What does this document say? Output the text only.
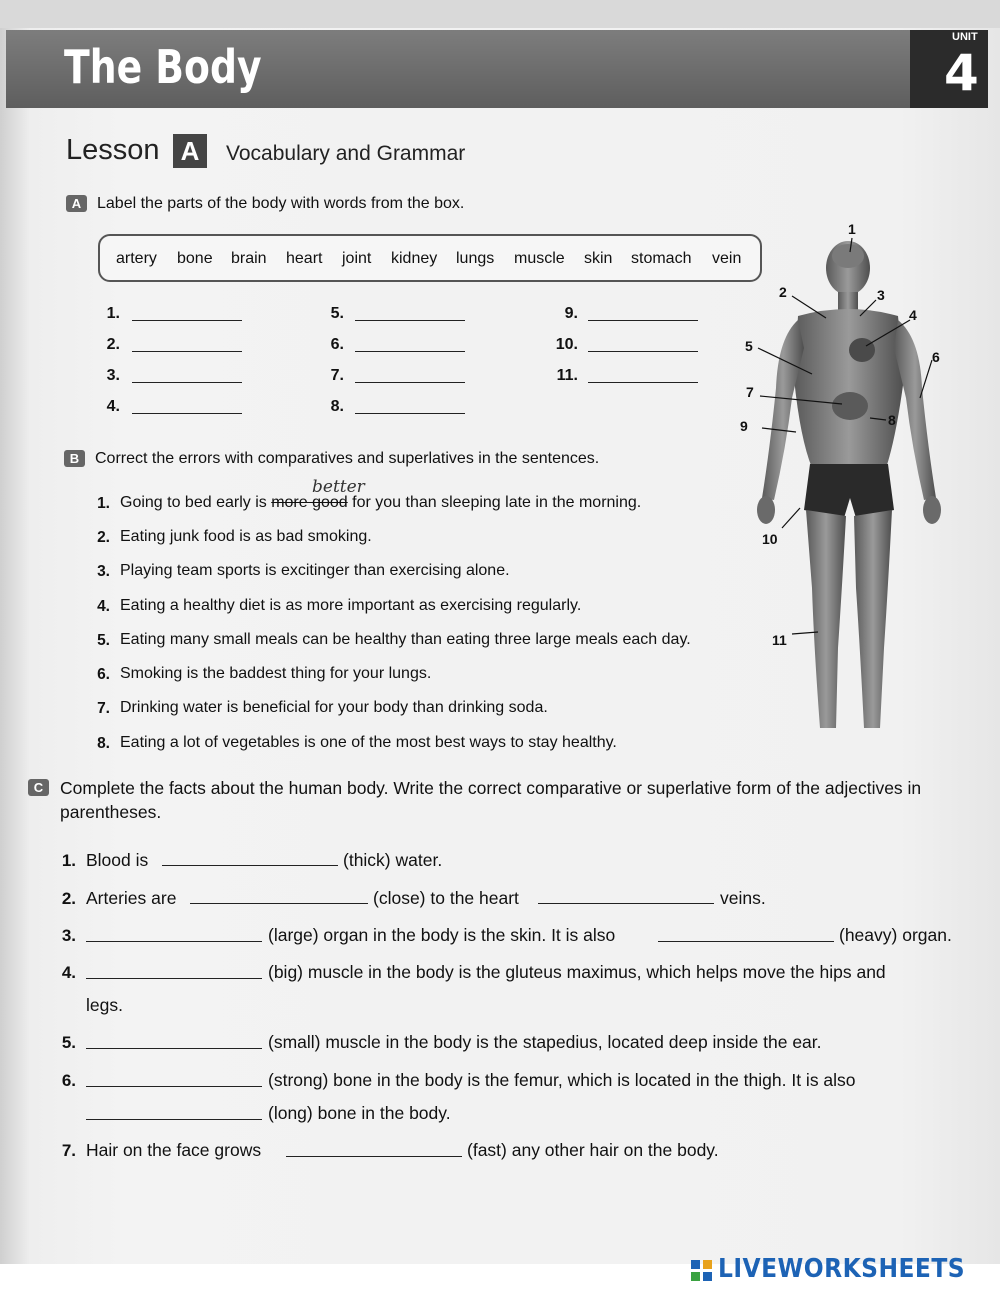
The Body
UNIT
4
Lesson A	Vocabulary and Grammar
A Label the parts of the body with words from the box.
artery bone brain heart joint kidney lungs muscle skin stomach vein
1.
2.
3.
4.
5.
6.
7.
8.
9.
10.
11.
1
2	3
4
5
6
7
8
9
10
11
B Correct the errors with comparatives and superlatives in the sentences.
better
1. Going to bed early is more good for you than sleeping late in the morning.
2. Eating junk food is as bad smoking.
3. Playing team sports is excitinger than exercising alone.
4. Eating a healthy diet is as more important as exercising regularly.
5. Eating many small meals can be healthy than eating three large meals each day.
6. Smoking is the baddest thing for your lungs.
7. Drinking water is beneficial for your body than drinking soda.
8. Eating a lot of vegetables is one of the most best ways to stay healthy.
C Complete the facts about the human body. Write the correct comparative or superlative form of the adjectives in parentheses.
1. Blood is	(thick) water.
2. Arteries are	(close) to the heart	veins.
3.	(large) organ in the body is the skin. It is also	(heavy) organ.
4.	(big) muscle in the body is the gluteus maximus, which helps move the hips and
legs.
5.	(small) muscle in the body is the stapedius, located deep inside the ear.
6.	(strong) bone in the body is the femur, which is located in the thigh. It is also
(long) bone in the body.
7. Hair on the face grows	(fast) any other hair on the body.
LIVEWORKSHEETS
